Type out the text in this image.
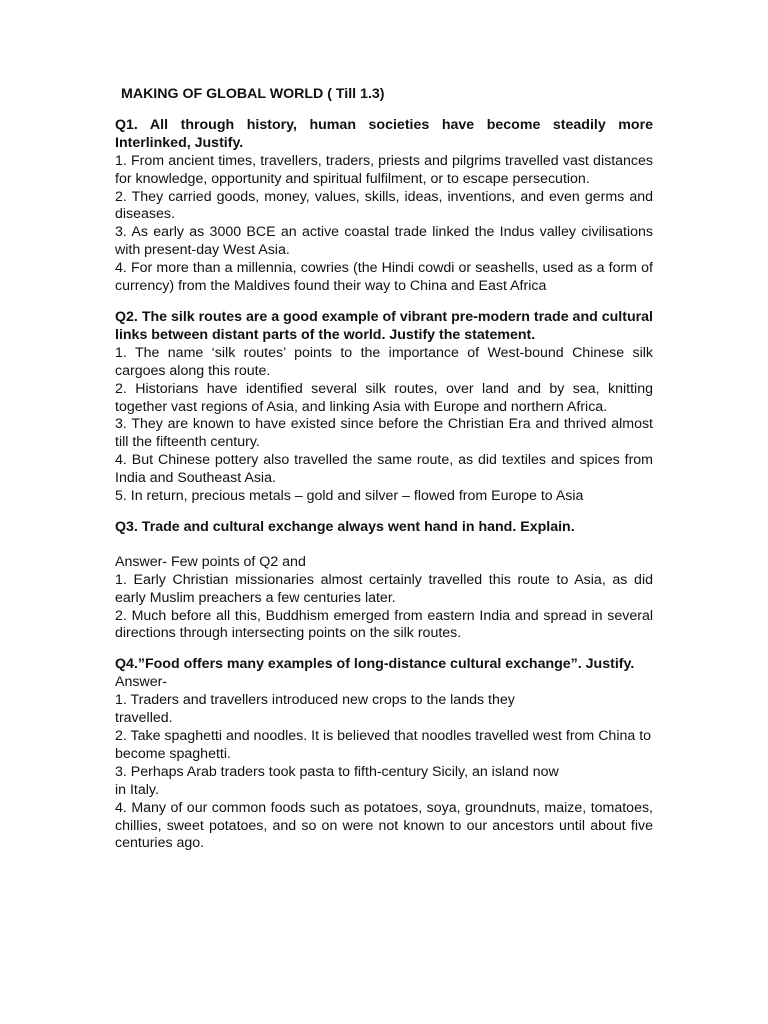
MAKING OF GLOBAL WORLD ( Till 1.3)

Q1. All through history, human societies have become steadily more Interlinked, Justify.

1. From ancient times, travellers, traders, priests and pilgrims travelled vast distances for knowledge, opportunity and spiritual fulfilment, or to escape persecution.

2. They carried goods, money, values, skills, ideas, inventions, and even germs and diseases.

3. As early as 3000 BCE an active coastal trade linked the Indus valley civilisations with present-day West Asia.

4. For more than a millennia, cowries (the Hindi cowdi or seashells, used as a form of currency) from the Maldives found their way to China and East Africa

Q2. The silk routes are a good example of vibrant pre-modern trade and cultural links between distant parts of the world. Justify the statement.

1. The name ‘silk routes’ points to the importance of West-bound Chinese silk cargoes along this route.

2. Historians have identified several silk routes, over land and by sea, knitting together vast regions of Asia, and linking Asia with Europe and northern Africa.

3. They are known to have existed since before the Christian Era and thrived almost till the fifteenth century.

4. But Chinese pottery also travelled the same route, as did textiles and spices from India and Southeast Asia.

5. In return, precious metals – gold and silver – flowed from Europe to Asia

Q3. Trade and cultural exchange always went hand in hand. Explain.

Answer- Few points of Q2 and

1. Early Christian missionaries almost certainly travelled this route to Asia, as did early Muslim preachers a few centuries later.

2. Much before all this, Buddhism emerged from eastern India and spread in several directions through intersecting points on the silk routes.

Q4.”Food offers many examples of long-distance cultural exchange”. Justify.

Answer-

1. Traders and travellers introduced new crops to the lands they

travelled.

2. Take spaghetti and noodles. It is believed that noodles travelled west from China to

become spaghetti.

3. Perhaps Arab traders took pasta to fifth-century Sicily, an island now

in Italy.

4. Many of our common foods such as potatoes, soya, groundnuts, maize, tomatoes, chillies, sweet potatoes, and so on were not known to our ancestors until about five centuries ago.
